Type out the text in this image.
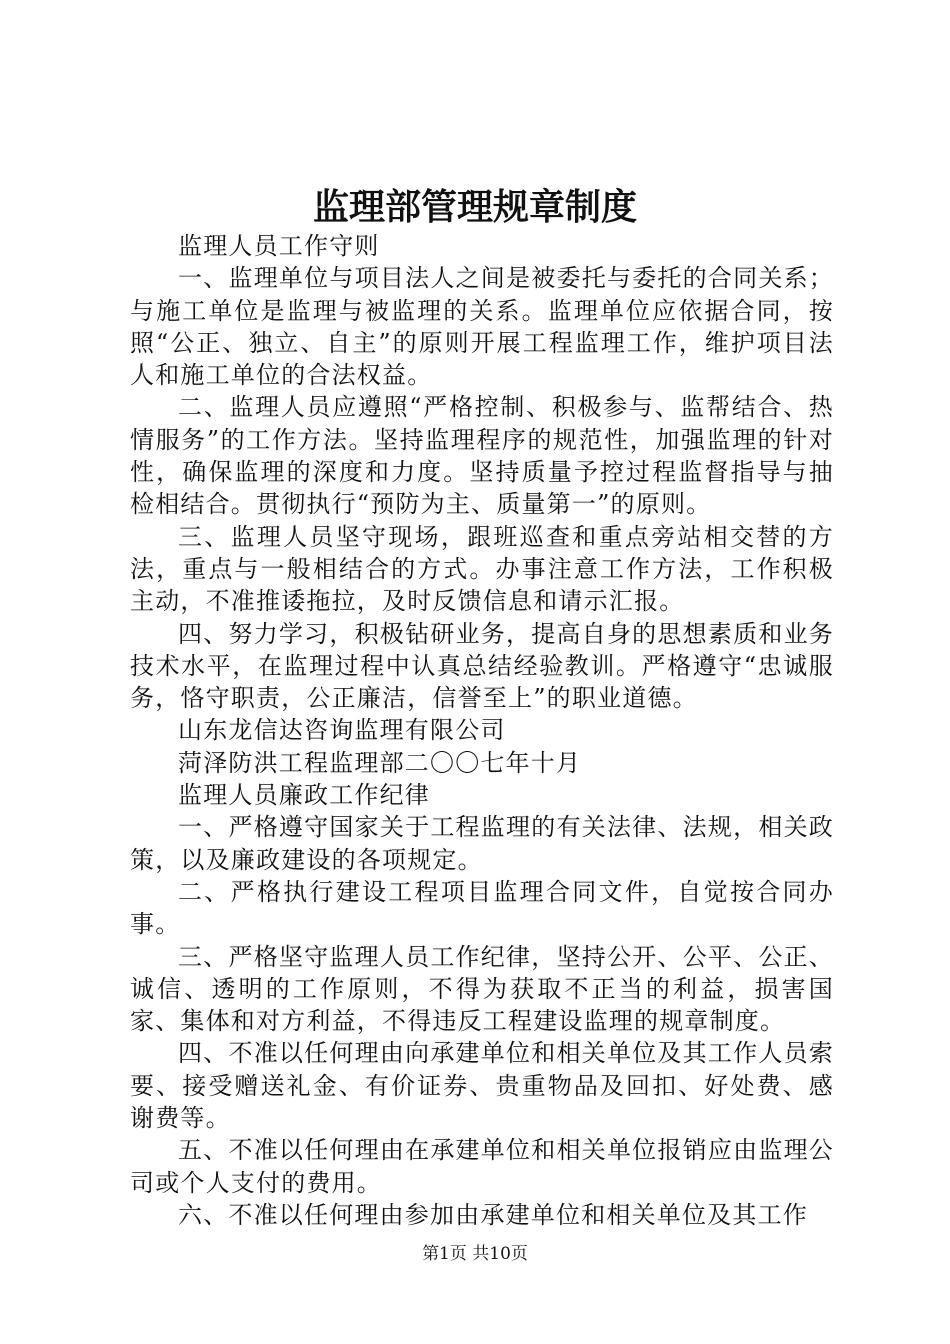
监理部管理规章制度

监理人员工作守则

一、监理单位与项目法人之间是被委托与委托的合同关系；与施工单位是监理与被监理的关系。监理单位应依据合同，按照“公正、独立、自主”的原则开展工程监理工作，维护项目法人和施工单位的合法权益。

二、监理人员应遵照“严格控制、积极参与、监帮结合、热情服务”的工作方法。坚持监理程序的规范性，加强监理的针对性，确保监理的深度和力度。坚持质量予控过程监督指导与抽检相结合。贯彻执行“预防为主、质量第一”的原则。

三、监理人员坚守现场，跟班巡查和重点旁站相交替的方法，重点与一般相结合的方式。办事注意工作方法，工作积极主动，不准推诿拖拉，及时反馈信息和请示汇报。

四、努力学习，积极钻研业务，提高自身的思想素质和业务技术水平，在监理过程中认真总结经验教训。严格遵守“忠诚服务，恪守职责，公正廉洁，信誉至上”的职业道德。

山东龙信达咨询监理有限公司

菏泽防洪工程监理部二〇〇七年十月

监理人员廉政工作纪律

一、严格遵守国家关于工程监理的有关法律、法规，相关政策，以及廉政建设的各项规定。

二、严格执行建设工程项目监理合同文件，自觉按合同办事。

三、严格坚守监理人员工作纪律，坚持公开、公平、公正、诚信、透明的工作原则，不得为获取不正当的利益，损害国家、集体和对方利益，不得违反工程建设监理的规章制度。

四、不准以任何理由向承建单位和相关单位及其工作人员索要、接受赠送礼金、有价证券、贵重物品及回扣、好处费、感谢费等。

五、不准以任何理由在承建单位和相关单位报销应由监理公司或个人支付的费用。

六、不准以任何理由参加由承建单位和相关单位及其工作

第1页 共10页
